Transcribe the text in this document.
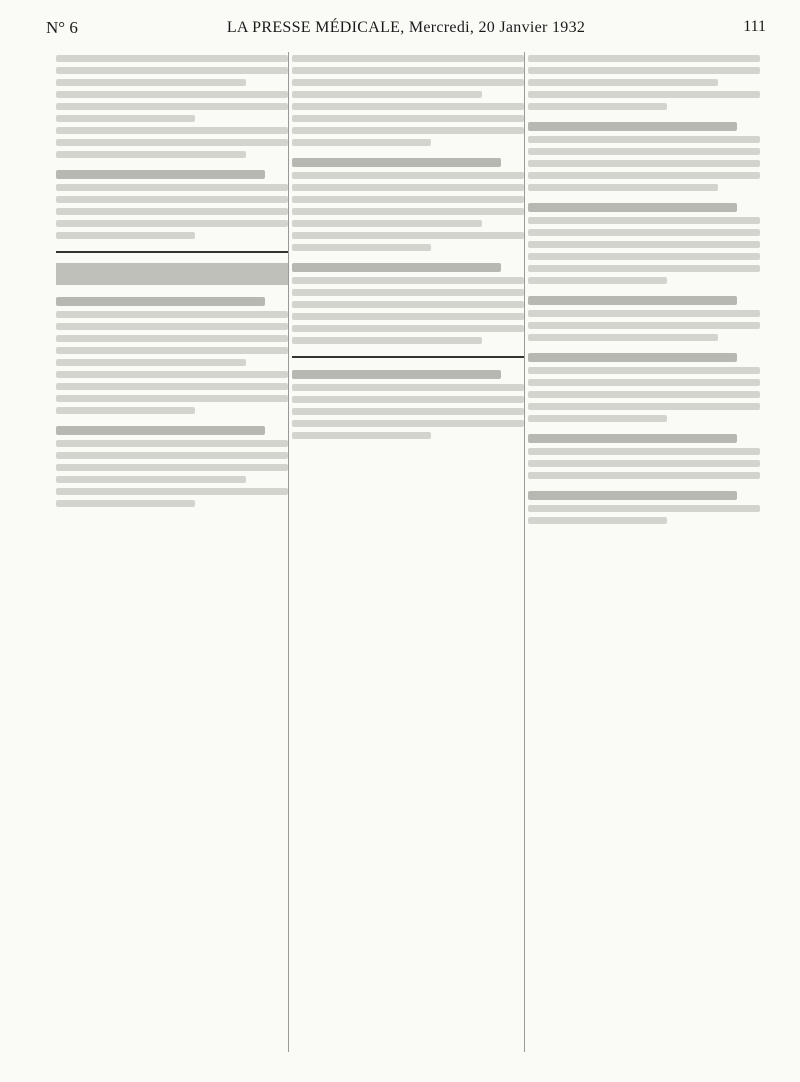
N° 6	LA PRESSE MÉDICALE, Mercredi, 20 Janvier 1932	111
